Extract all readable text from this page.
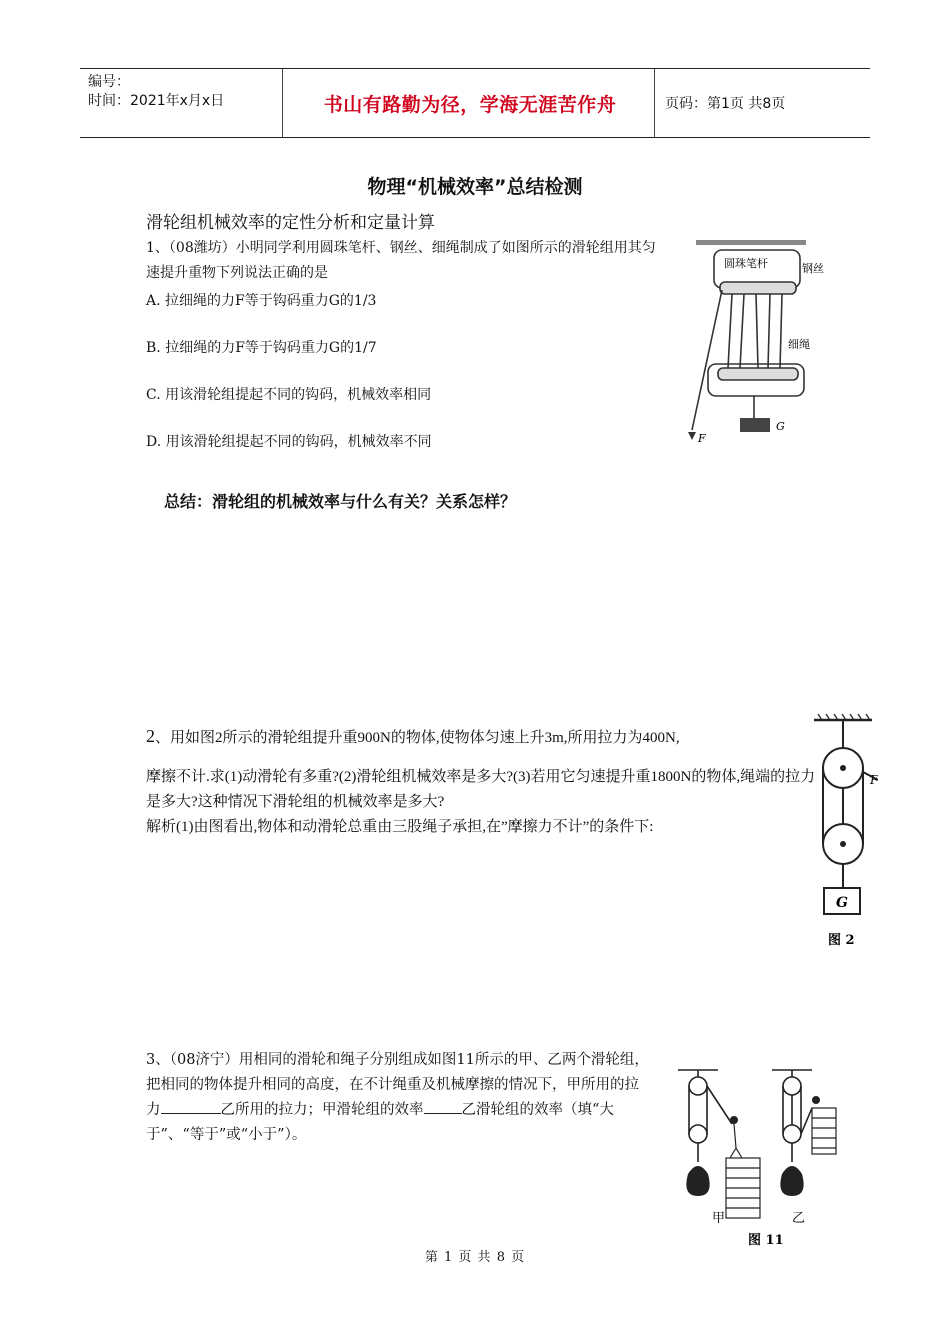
编号：
时间：2021年x月x日	书山有路勤为径，学海无涯苦作舟	页码：第1页 共8页
物理“机械效率”总结检测
滑轮组机械效率的定性分析和定量计算
1、（08潍坊）小明同学利用圆珠笔杆、钢丝、细绳制成了如图所示的滑轮组用其匀速提升重物下列说法正确的是
A. 拉细绳的力F等于钩码重力G的1/3
B. 拉细绳的力F等于钩码重力G的1/7
C. 用该滑轮组提起不同的钩码，机械效率相同
D. 用该滑轮组提起不同的钩码，机械效率不同
圆珠笔杆	钢丝
细绳
F
G
总结：滑轮组的机械效率与什么有关？关系怎样？
2、用如图2所示的滑轮组提升重900N的物体,使物体匀速上升3m,所用拉力为400N,
摩擦不计.求(1)动滑轮有多重?(2)滑轮组机械效率是多大?(3)若用它匀速提升重1800N的物体,绳端的拉力是多大?这种情况下滑轮组的机械效率是多大?
解析(1)由图看出,物体和动滑轮总重由三股绳子承担,在”摩擦力不计”的条件下:
G
F
图 2
3、（08济宁）用相同的滑轮和绳子分别组成如图11所示的甲、乙两个滑轮组，把相同的物体提升相同的高度，在不计绳重及机械摩擦的情况下，甲所用的拉力	乙所用的拉力；甲滑轮组的效率	乙滑轮组的效率（填“大于”、“等于”或“小于”）。
甲	乙
图 11
第 1 页 共 8 页
